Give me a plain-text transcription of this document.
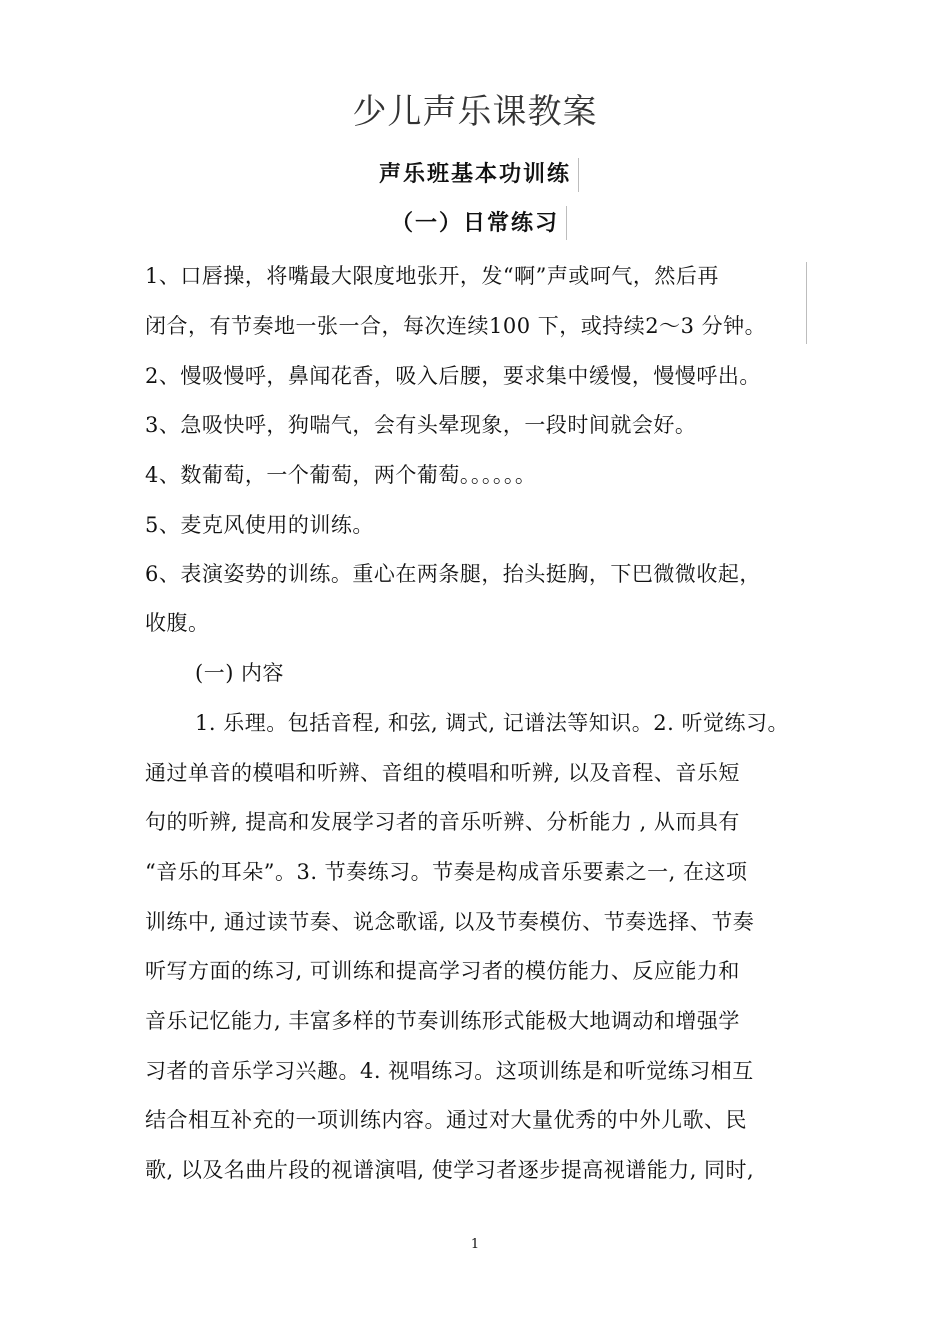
少儿声乐课教案
声乐班基本功训练
（一）日常练习
1、口唇操，将嘴最大限度地张开，发“啊”声或呵气，然后再
闭合，有节奏地一张一合，每次连续100 下，或持续2～3 分钟。
2、慢吸慢呼，鼻闻花香，吸入后腰，要求集中缓慢，慢慢呼出。
3、急吸快呼，狗喘气，会有头晕现象，一段时间就会好。
4、数葡萄，一个葡萄，两个葡萄。。。。。。
5、麦克风使用的训练。
6、表演姿势的训练。重心在两条腿，抬头挺胸，下巴微微收起，
收腹。
(一) 内容
1. 乐理。包括音程, 和弦, 调式, 记谱法等知识。2. 听觉练习。
通过单音的模唱和听辨、音组的模唱和听辨, 以及音程、音乐短
句的听辨, 提高和发展学习者的音乐听辨、分析能力 , 从而具有
“音乐的耳朵”。3. 节奏练习。节奏是构成音乐要素之一, 在这项
训练中, 通过读节奏、说念歌谣, 以及节奏模仿、节奏选择、节奏
听写方面的练习, 可训练和提高学习者的模仿能力、反应能力和
音乐记忆能力, 丰富多样的节奏训练形式能极大地调动和增强学
习者的音乐学习兴趣。4. 视唱练习。这项训练是和听觉练习相互
结合相互补充的一项训练内容。通过对大量优秀的中外儿歌、民
歌, 以及名曲片段的视谱演唱, 使学习者逐步提高视谱能力, 同时,
1
